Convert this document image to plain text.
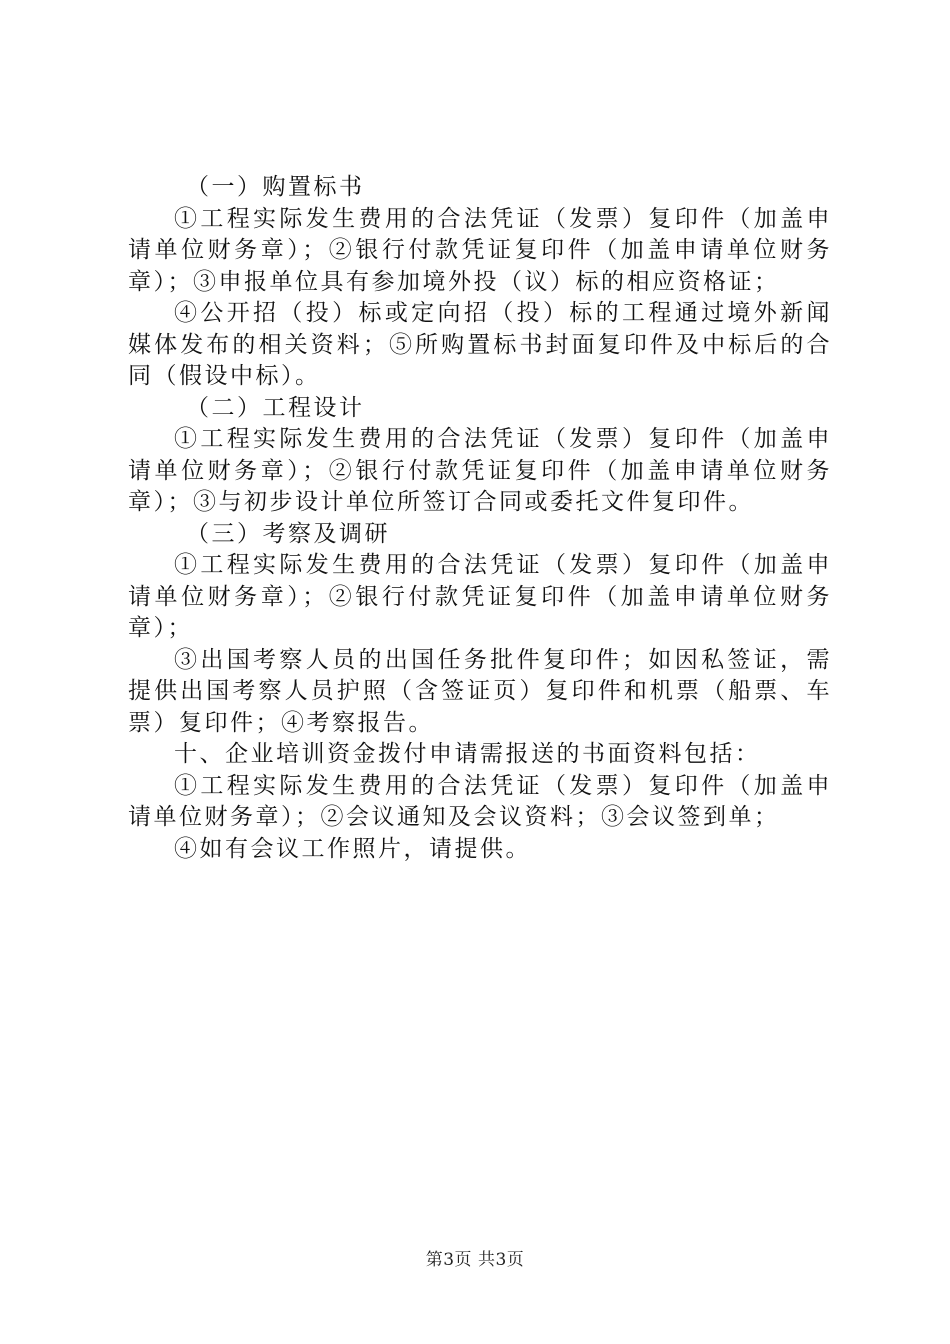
（一）购置标书

①工程实际发生费用的合法凭证（发票）复印件（加盖申请单位财务章）；②银行付款凭证复印件（加盖申请单位财务章）；③申报单位具有参加境外投（议）标的相应资格证；

④公开招（投）标或定向招（投）标的工程通过境外新闻媒体发布的相关资料；⑤所购置标书封面复印件及中标后的合同（假设中标）。

（二）工程设计

①工程实际发生费用的合法凭证（发票）复印件（加盖申请单位财务章）；②银行付款凭证复印件（加盖申请单位财务章）；③与初步设计单位所签订合同或委托文件复印件。

（三）考察及调研

①工程实际发生费用的合法凭证（发票）复印件（加盖申请单位财务章）；②银行付款凭证复印件（加盖申请单位财务章）；

③出国考察人员的出国任务批件复印件；如因私签证，需提供出国考察人员护照（含签证页）复印件和机票（船票、车票）复印件；④考察报告。

十、企业培训资金拨付申请需报送的书面资料包括：

①工程实际发生费用的合法凭证（发票）复印件（加盖申请单位财务章）；②会议通知及会议资料；③会议签到单；

④如有会议工作照片，请提供。

第3页 共3页
